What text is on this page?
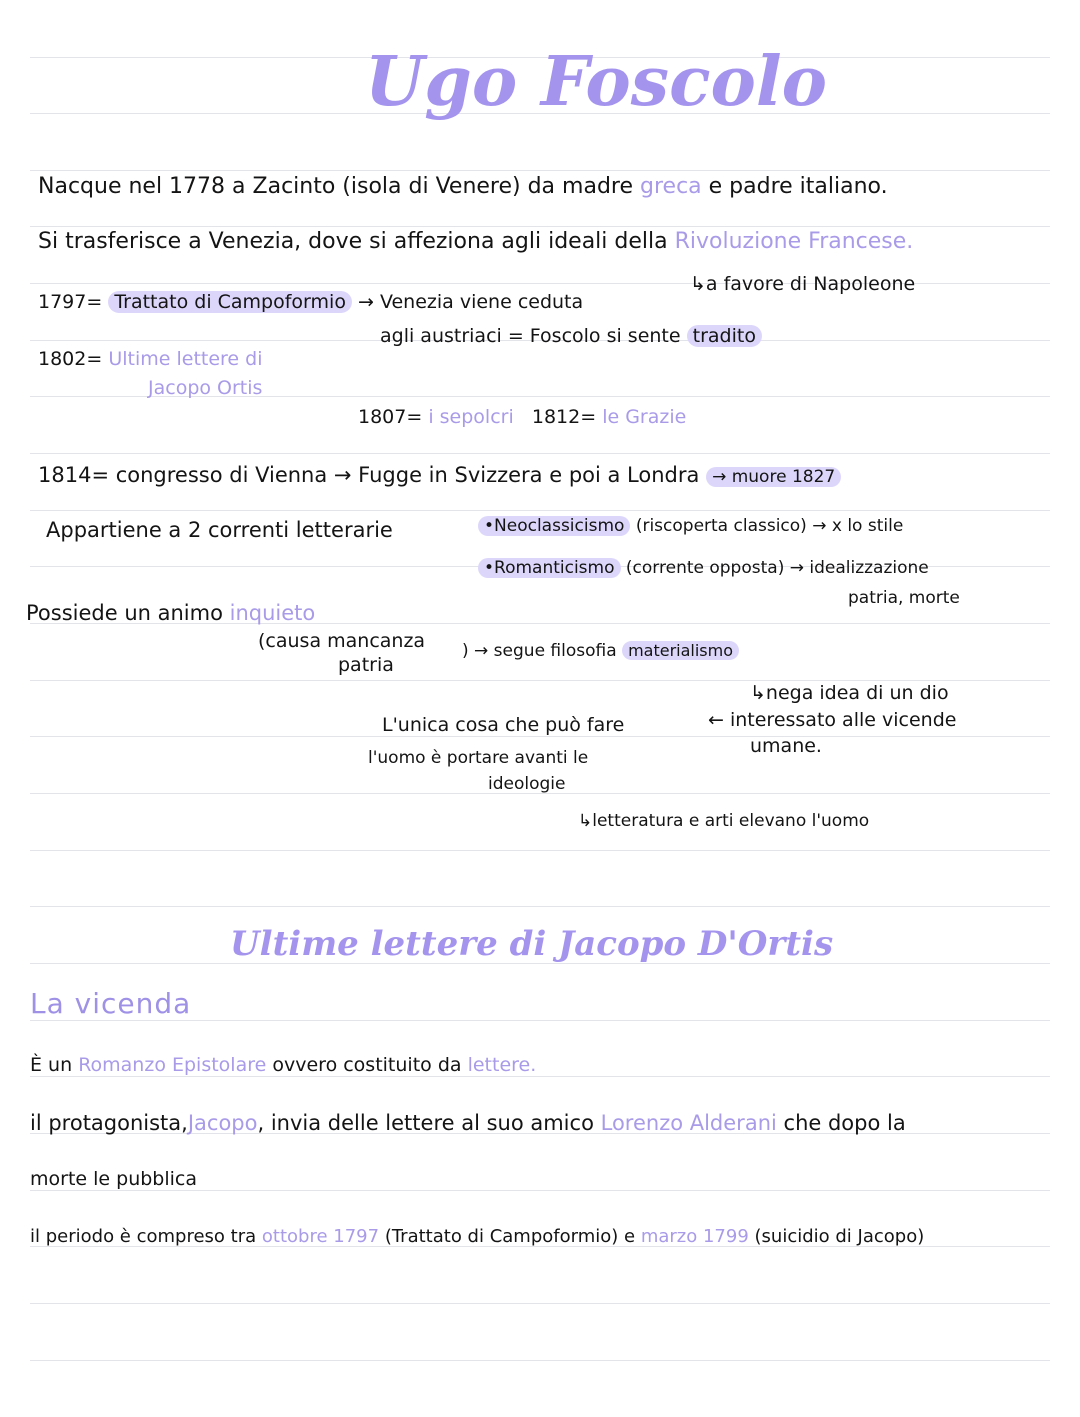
Ugo Foscolo
Nacque nel 1778 a Zacinto (isola di Venere) da madre greca e padre italiano.
Si trasferisce a Venezia, dove si affeziona agli ideali della Rivoluzione Francese.
↳a favore di Napoleone
1797= Trattato di Campoformio → Venezia viene ceduta
agli austriaci = Foscolo si sente tradito
1802= Ultime lettere di
Jacopo Ortis
1807= i sepolcri 1812= le Grazie
1814= congresso di Vienna → Fugge in Svizzera e poi a Londra → muore 1827
Appartiene a 2 correnti letterarie	•Neoclassicismo (riscoperta classico) → x lo stile
•Romanticismo (corrente opposta) → idealizzazione
patria, morte
Possiede un animo inquieto
(causa mancanza
patria
) → segue filosofia materialismo
↳nega idea di un dio
← interessato alle vicende
umane.
L'unica cosa che può fare
l'uomo è portare avanti le
ideologie
↳letteratura e arti elevano l'uomo
Ultime lettere di Jacopo D'Ortis
La vicenda
È un Romanzo Epistolare ovvero costituito da lettere.
il protagonista,Jacopo, invia delle lettere al suo amico Lorenzo Alderani che dopo la
morte le pubblica
il periodo è compreso tra ottobre 1797 (Trattato di Campoformio) e marzo 1799 (suicidio di Jacopo)
